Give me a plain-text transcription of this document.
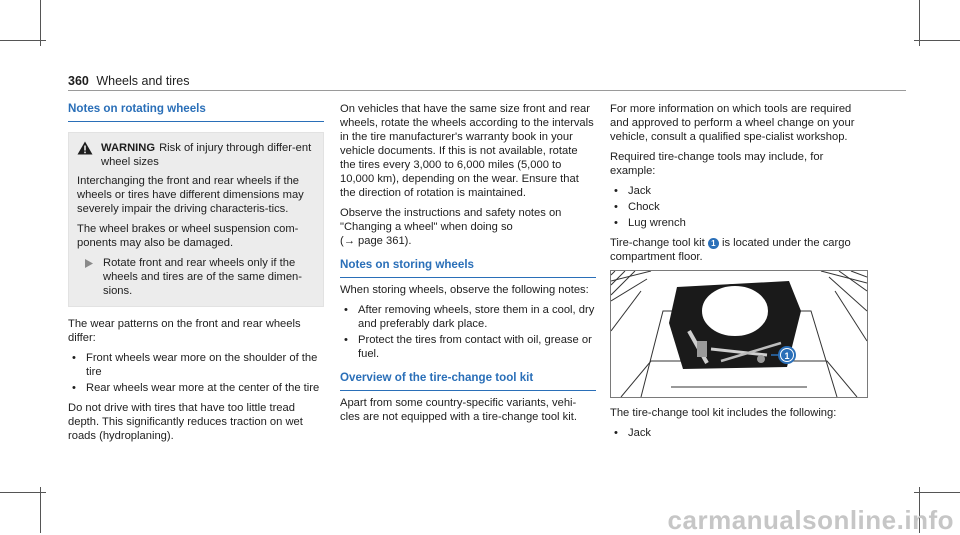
360 Wheels and tires
Notes on rotating wheels
WARNING Risk of injury through differ-ent wheel sizes

Interchanging the front and rear wheels if the wheels or tires have different dimensions may severely impair the driving characteris-tics.

The wheel brakes or wheel suspension com-ponents may also be damaged.

Rotate front and rear wheels only if the wheels and tires are of the same dimen-sions.

The wear patterns on the front and rear wheels differ:

• Front wheels wear more on the shoulder of the tire
• Rear wheels wear more at the center of the tire

Do not drive with tires that have too little tread depth. This significantly reduces traction on wet roads (hydroplaning).

On vehicles that have the same size front and rear wheels, rotate the wheels according to the intervals in the tire manufacturer's warranty book in your vehicle documents. If this is not available, rotate the tires every 3,000 to 6,000 miles (5,000 to 10,000 km), depending on the wear. Ensure that the direction of rotation is maintained.

Observe the instructions and safety notes on "Changing a wheel" when doing so
(→ page 361).

Notes on storing wheels

When storing wheels, observe the following notes:

• After removing wheels, store them in a cool, dry and preferably dark place.
• Protect the tires from contact with oil, grease or fuel.
Overview of the tire-change tool kit

Apart from some country-specific variants, vehi-cles are not equipped with a tire-change tool kit.

For more information on which tools are required and approved to perform a wheel change on your vehicle, consult a qualified spe-cialist workshop.

Required tire-change tools may include, for example:

• Jack
• Chock
• Lug wrench

Tire-change tool kit 1 is located under the cargo compartment floor.

1

The tire-change tool kit includes the following:

• Jack
carmanualsonline.info
